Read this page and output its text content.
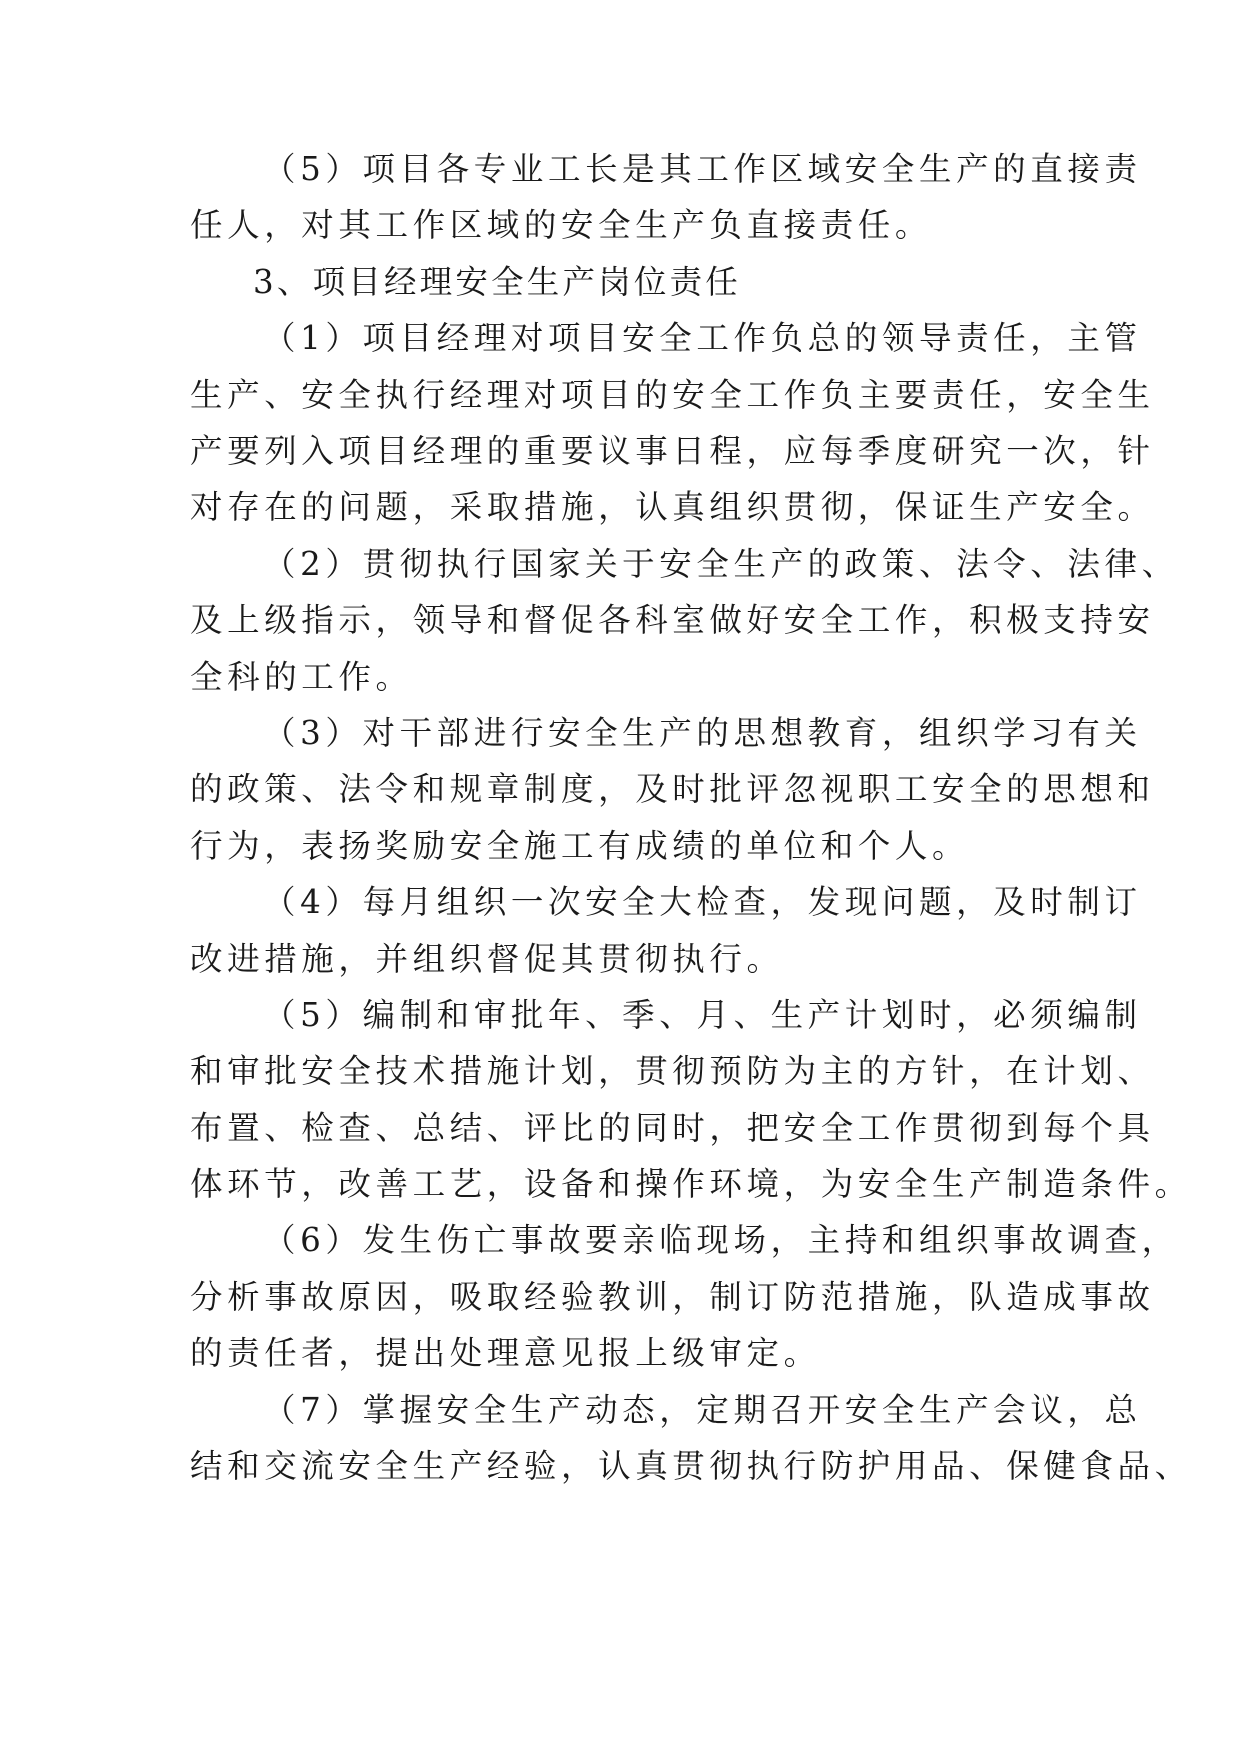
（5）项目各专业工长是其工作区域安全生产的直接责
任人，对其工作区域的安全生产负直接责任。
3、项目经理安全生产岗位责任
（1）项目经理对项目安全工作负总的领导责任，主管
生产、安全执行经理对项目的安全工作负主要责任，安全生
产要列入项目经理的重要议事日程，应每季度研究一次，针
对存在的问题，采取措施，认真组织贯彻，保证生产安全。
（2）贯彻执行国家关于安全生产的政策、法令、法律、
及上级指示，领导和督促各科室做好安全工作，积极支持安
全科的工作。
（3）对干部进行安全生产的思想教育，组织学习有关
的政策、法令和规章制度，及时批评忽视职工安全的思想和
行为，表扬奖励安全施工有成绩的单位和个人。
（4）每月组织一次安全大检查，发现问题，及时制订
改进措施，并组织督促其贯彻执行。
（5）编制和审批年、季、月、生产计划时，必须编制
和审批安全技术措施计划，贯彻预防为主的方针，在计划、
布置、检查、总结、评比的同时，把安全工作贯彻到每个具
体环节，改善工艺，设备和操作环境，为安全生产制造条件。
（6）发生伤亡事故要亲临现场，主持和组织事故调查，
分析事故原因，吸取经验教训，制订防范措施，队造成事故
的责任者，提出处理意见报上级审定。
（7）掌握安全生产动态，定期召开安全生产会议，总
结和交流安全生产经验，认真贯彻执行防护用品、保健食品、
